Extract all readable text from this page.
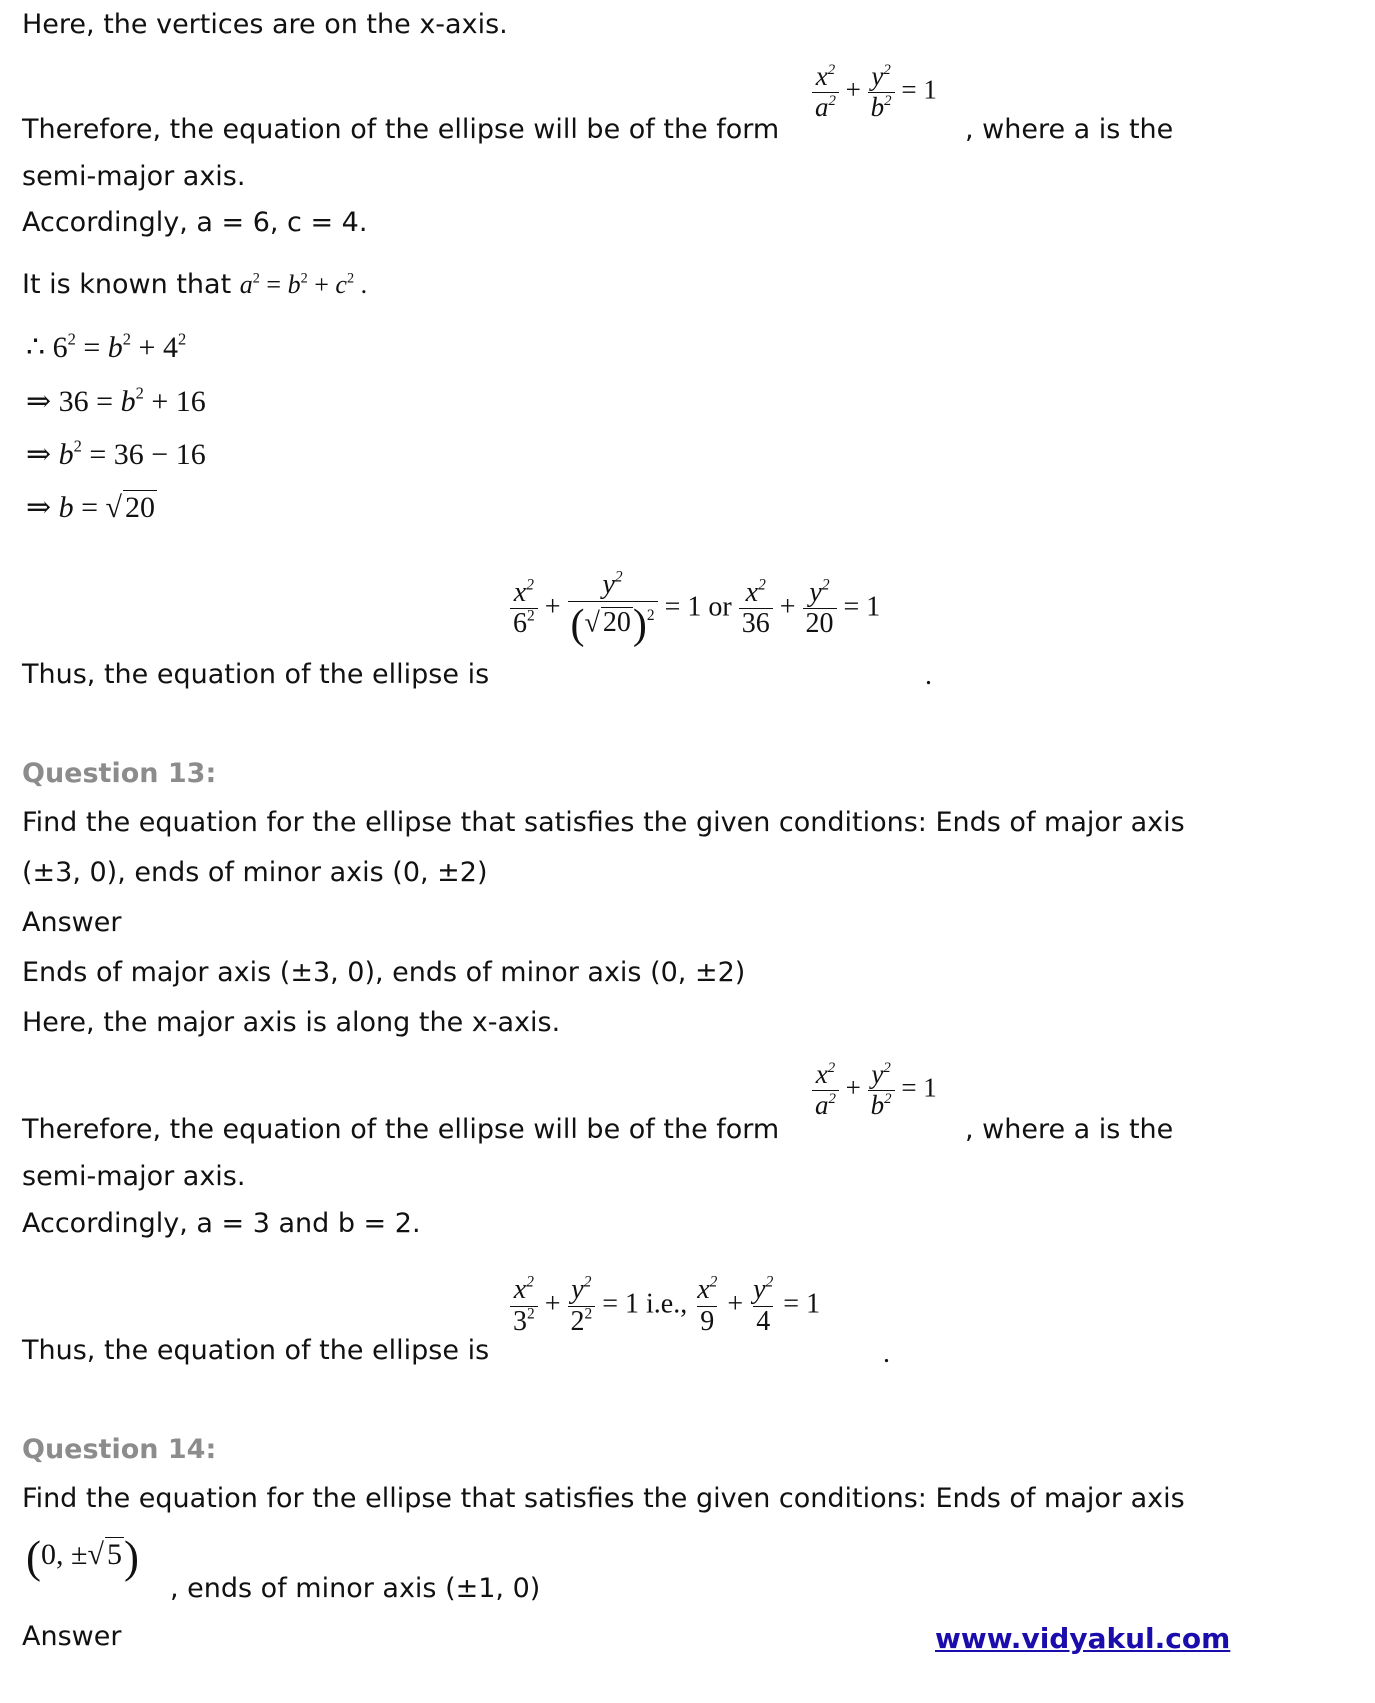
Here, the vertices are on the x-axis.
Therefore, the equation of the ellipse will be of the form
$\frac{x^2}{a^2} + \frac{y^2}{b^2} = 1$
, where a is the
semi-major axis.
Accordingly, a = 6, c = 4.
It is known that $a^2 = b^2 + c^2$ .
∴ $6^2 = b^2 + 4^2$
⇒ $36 = b^2 + 16$
⇒ $b^2 = 36 - 16$
⇒ b = √ 20
Thus, the equation of the ellipse is
$\frac{x^2}{6^2} + \frac{y^2}{(√ 20)^2} = 1$ or $\frac{x^2}{36} + \frac{y^2}{20} = 1$
.
Question 13:
Find the equation for the ellipse that satisfies the given conditions: Ends of major axis
(±3, 0), ends of minor axis (0, ±2)
Answer
Ends of major axis (±3, 0), ends of minor axis (0, ±2)
Here, the major axis is along the x-axis.
Therefore, the equation of the ellipse will be of the form
$\frac{x^2}{a^2} + \frac{y^2}{b^2} = 1$
, where a is the
semi-major axis.
Accordingly, a = 3 and b = 2.
Thus, the equation of the ellipse is
$\frac{x^2}{3^2} + \frac{y^2}{2^2} = 1$ i.e., $\frac{x^2}{9} + \frac{y^2}{4} = 1$
.
Question 14:
Find the equation for the ellipse that satisfies the given conditions: Ends of major axis
(0, ±√ 5)
, ends of minor axis (±1, 0)
Answer	www.vidyakul.com
